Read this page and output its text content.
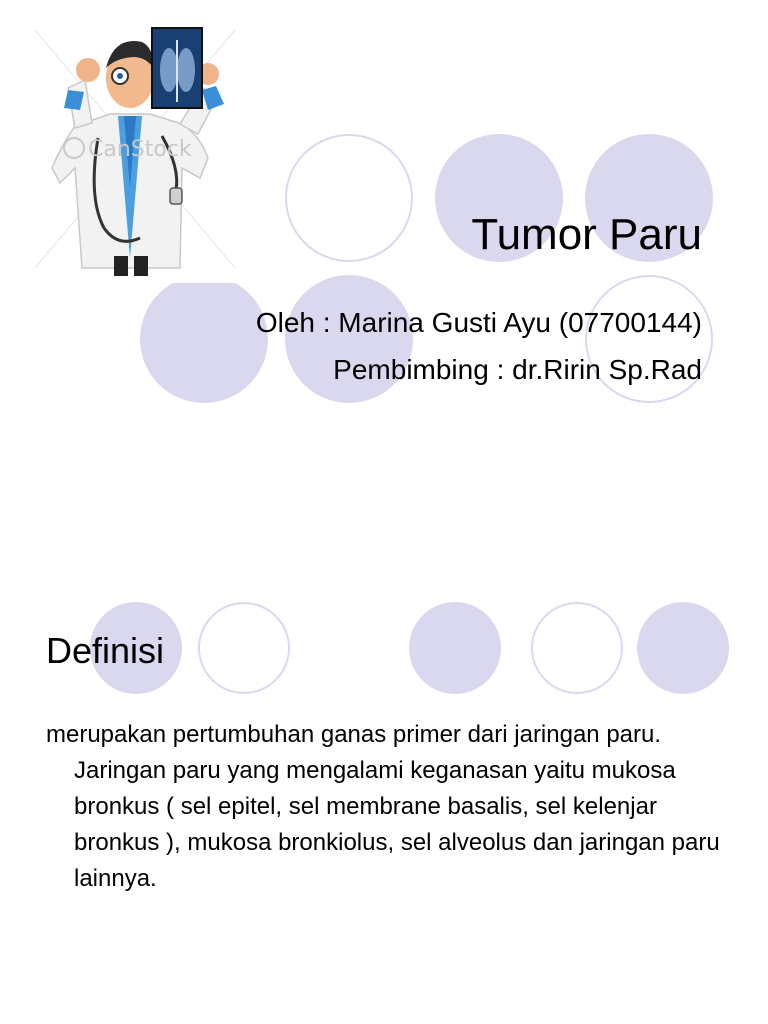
CanStock
Tumor Paru
Oleh : Marina Gusti Ayu (07700144)
Pembimbing : dr.Ririn Sp.Rad
Definisi

merupakan pertumbuhan ganas primer dari jaringan paru. Jaringan paru yang mengalami keganasan yaitu mukosa bronkus ( sel epitel, sel membrane basalis, sel kelenjar bronkus ), mukosa bronkiolus, sel alveolus dan jaringan paru lainnya.
